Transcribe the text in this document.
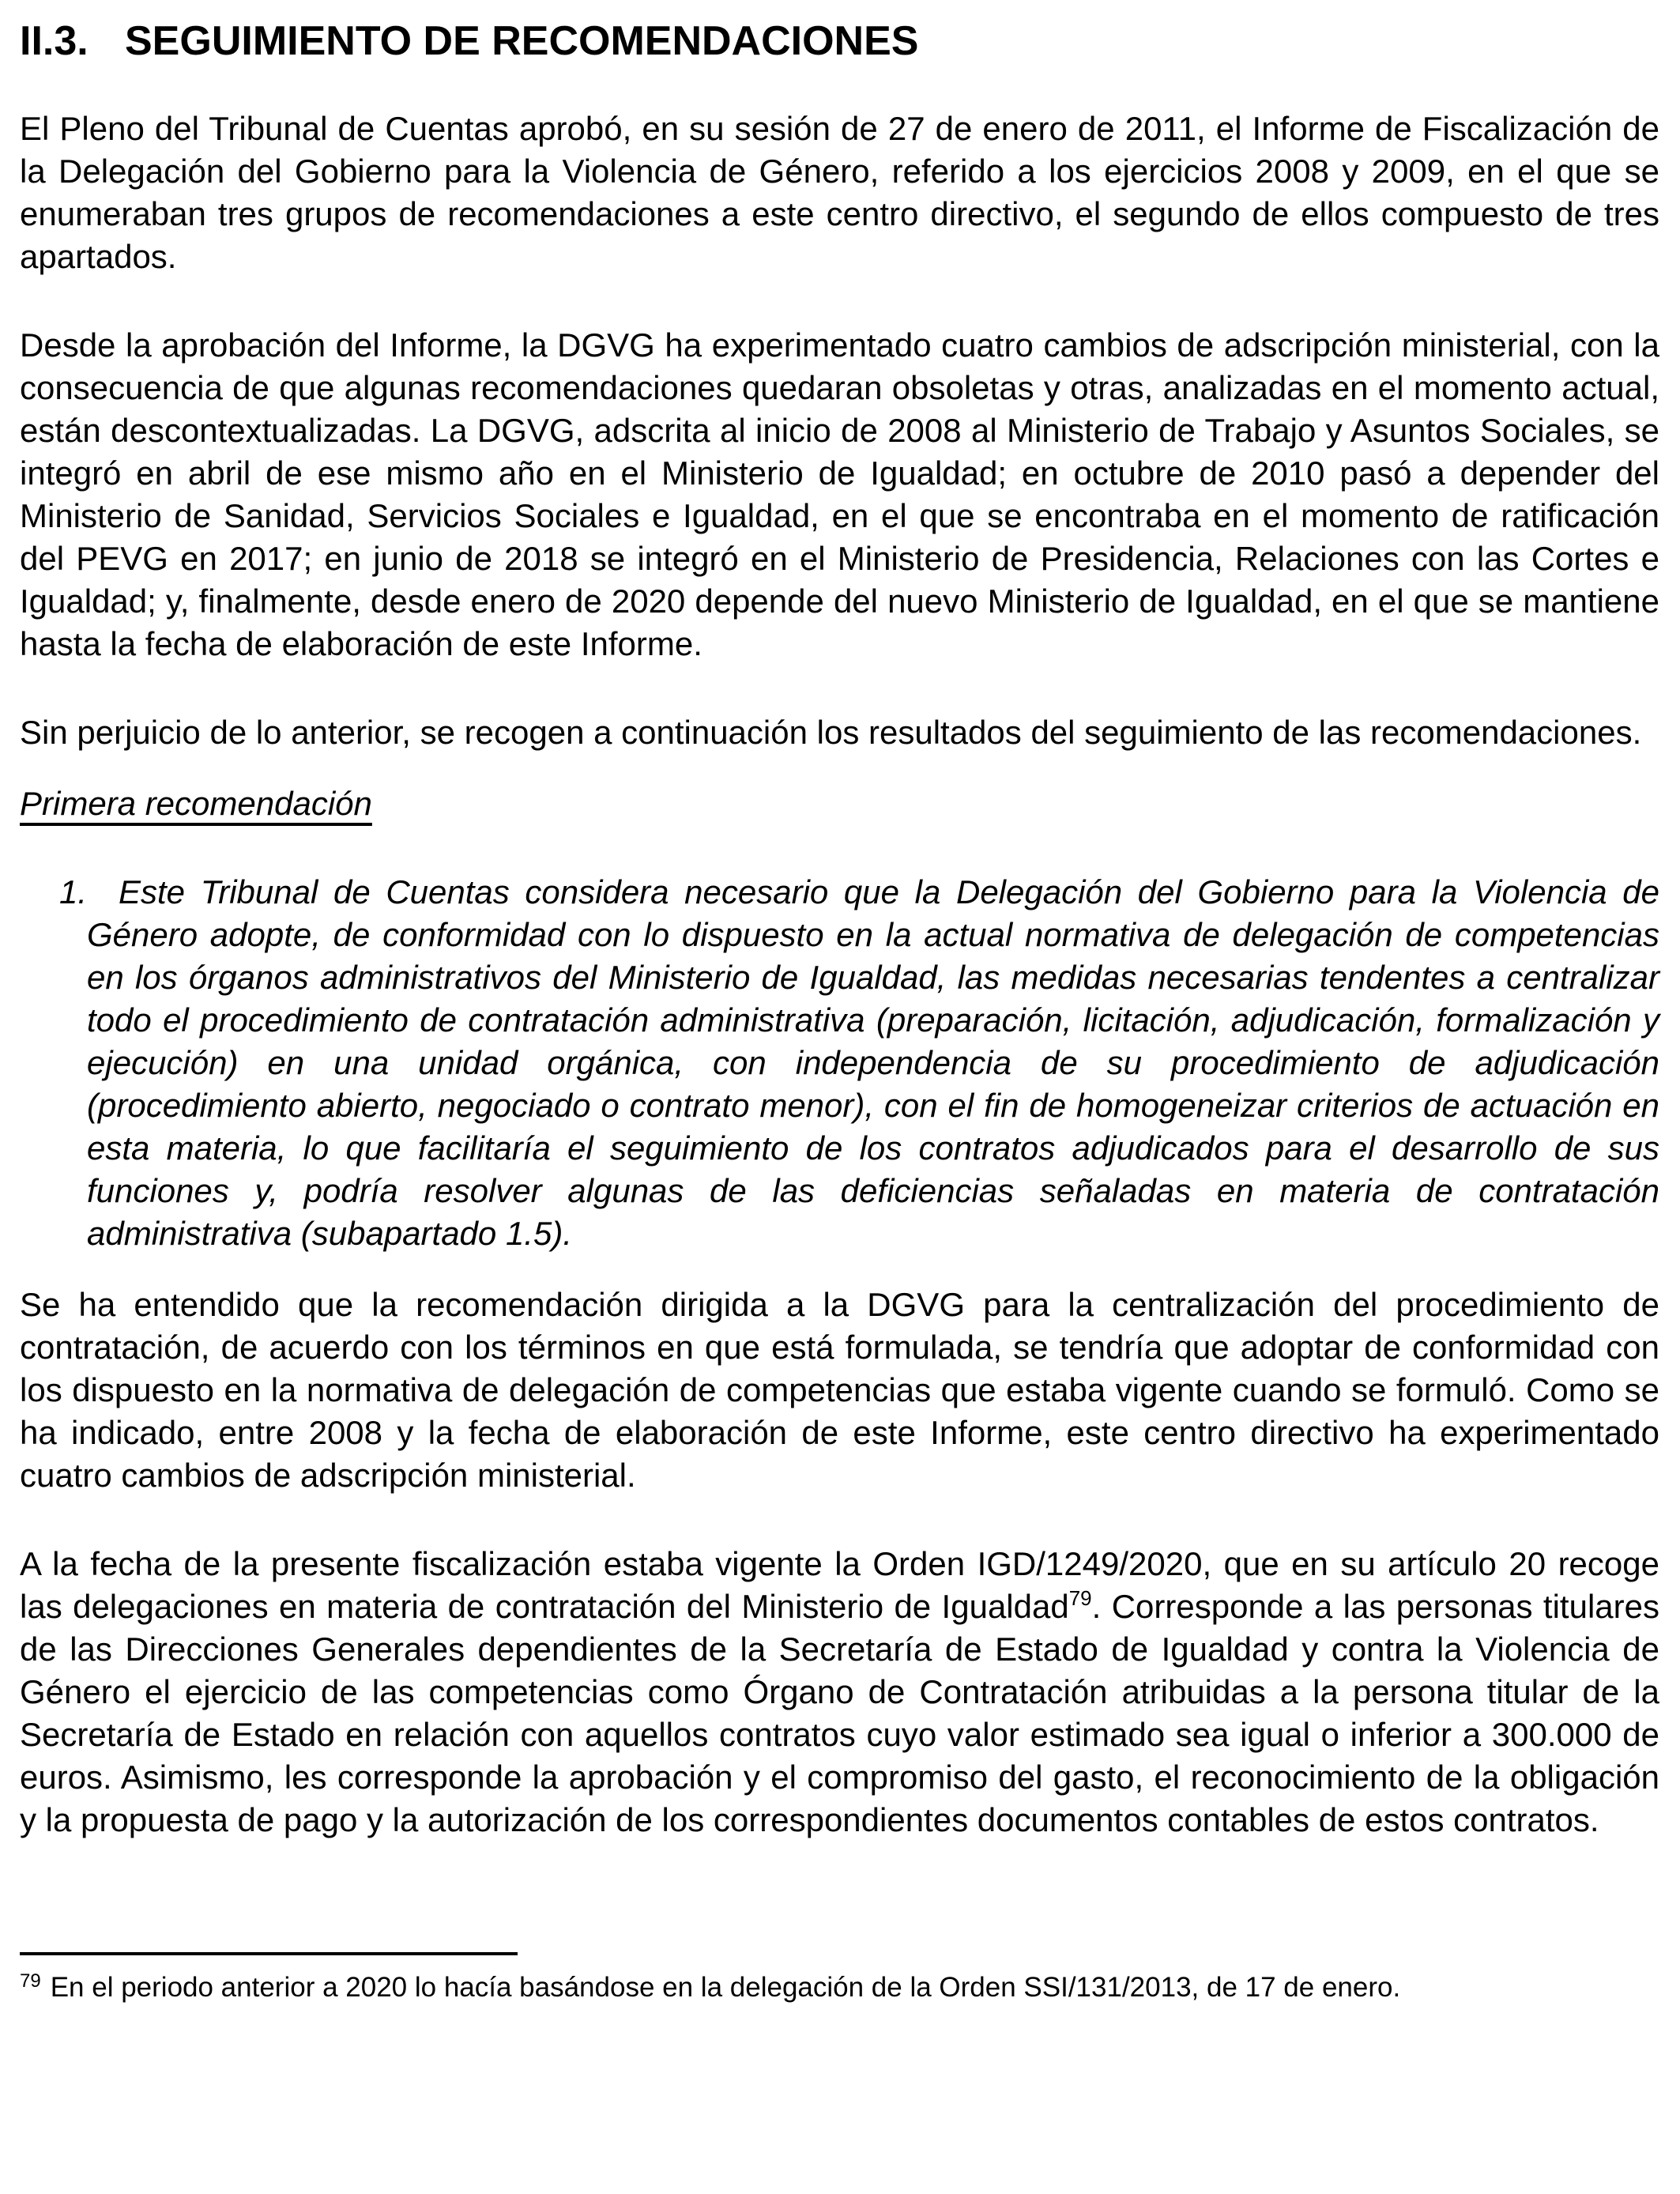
II.3. SEGUIMIENTO DE RECOMENDACIONES

El Pleno del Tribunal de Cuentas aprobó, en su sesión de 27 de enero de 2011, el Informe de Fiscalización de la Delegación del Gobierno para la Violencia de Género, referido a los ejercicios 2008 y 2009, en el que se enumeraban tres grupos de recomendaciones a este centro directivo, el segundo de ellos compuesto de tres apartados.

Desde la aprobación del Informe, la DGVG ha experimentado cuatro cambios de adscripción ministerial, con la consecuencia de que algunas recomendaciones quedaran obsoletas y otras, analizadas en el momento actual, están descontextualizadas. La DGVG, adscrita al inicio de 2008 al Ministerio de Trabajo y Asuntos Sociales, se integró en abril de ese mismo año en el Ministerio de Igualdad; en octubre de 2010 pasó a depender del Ministerio de Sanidad, Servicios Sociales e Igualdad, en el que se encontraba en el momento de ratificación del PEVG en 2017; en junio de 2018 se integró en el Ministerio de Presidencia, Relaciones con las Cortes e Igualdad; y, finalmente, desde enero de 2020 depende del nuevo Ministerio de Igualdad, en el que se mantiene hasta la fecha de elaboración de este Informe.

Sin perjuicio de lo anterior, se recogen a continuación los resultados del seguimiento de las recomendaciones.

Primera recomendación
1. Este Tribunal de Cuentas considera necesario que la Delegación del Gobierno para la Violencia de Género adopte, de conformidad con lo dispuesto en la actual normativa de delegación de competencias en los órganos administrativos del Ministerio de Igualdad, las medidas necesarias tendentes a centralizar todo el procedimiento de contratación administrativa (preparación, licitación, adjudicación, formalización y ejecución) en una unidad orgánica, con independencia de su procedimiento de adjudicación (procedimiento abierto, negociado o contrato menor), con el fin de homogeneizar criterios de actuación en esta materia, lo que facilitaría el seguimiento de los contratos adjudicados para el desarrollo de sus funciones y, podría resolver algunas de las deficiencias señaladas en materia de contratación administrativa (subapartado 1.5).

Se ha entendido que la recomendación dirigida a la DGVG para la centralización del procedimiento de contratación, de acuerdo con los términos en que está formulada, se tendría que adoptar de conformidad con los dispuesto en la normativa de delegación de competencias que estaba vigente cuando se formuló. Como se ha indicado, entre 2008 y la fecha de elaboración de este Informe, este centro directivo ha experimentado cuatro cambios de adscripción ministerial.

A la fecha de la presente fiscalización estaba vigente la Orden IGD/1249/2020, que en su artículo 20 recoge las delegaciones en materia de contratación del Ministerio de Igualdad$^{79}$. Corresponde a las personas titulares de las Direcciones Generales dependientes de la Secretaría de Estado de Igualdad y contra la Violencia de Género el ejercicio de las competencias como Órgano de Contratación atribuidas a la persona titular de la Secretaría de Estado en relación con aquellos contratos cuyo valor estimado sea igual o inferior a 300.000 de euros. Asimismo, les corresponde la aprobación y el compromiso del gasto, el reconocimiento de la obligación y la propuesta de pago y la autorización de los correspondientes documentos contables de estos contratos.

$^{79}$ En el periodo anterior a 2020 lo hacía basándose en la delegación de la Orden SSI/131/2013, de 17 de enero.
